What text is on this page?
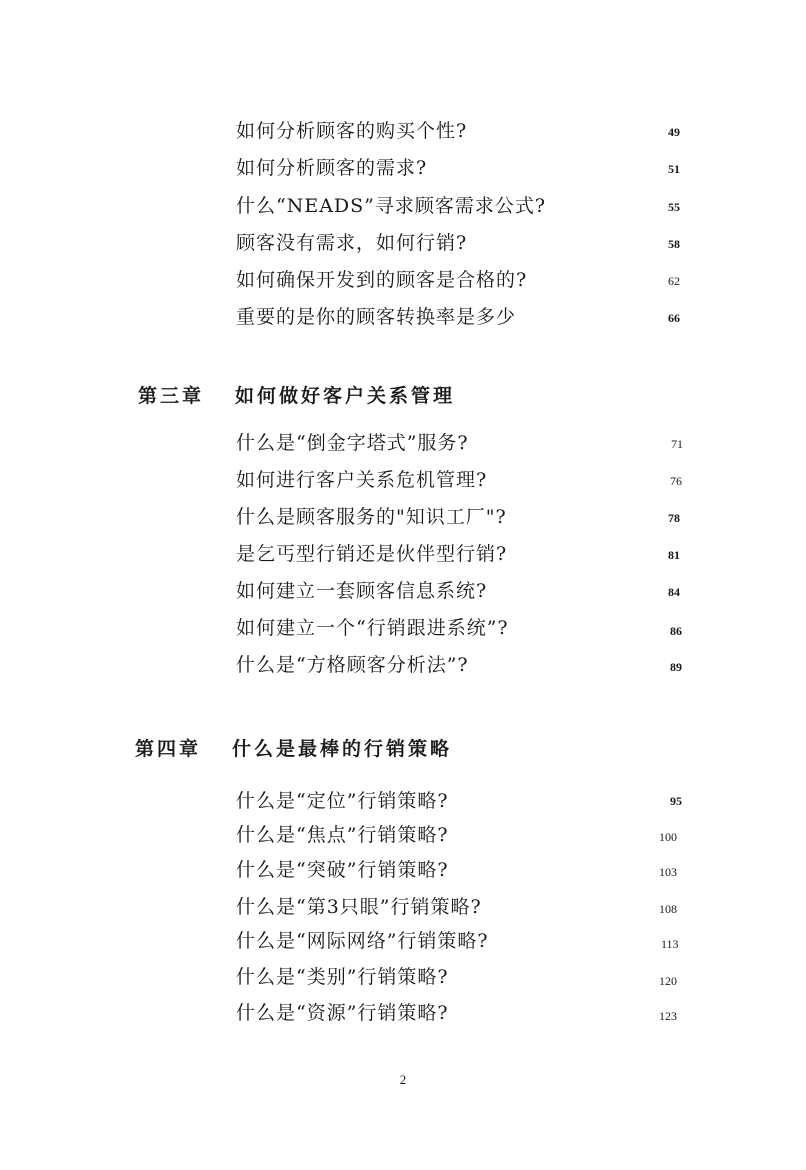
如何分析顾客的购买个性?	49
如何分析顾客的需求?	51
什么“NEADS”寻求顾客需求公式?	55
顾客没有需求，如何行销?	58
如何确保开发到的顾客是合格的?	62
重要的是你的顾客转换率是多少	66
第三章 如何做好客户关系管理
什么是“倒金字塔式”服务?	71
如何进行客户关系危机管理?	76
什么是顾客服务的"知识工厂"?	78
是乞丐型行销还是伙伴型行销?	81
如何建立一套顾客信息系统?	84
如何建立一个“行销跟进系统”?	86
什么是“方格顾客分析法”?	89
第四章 什么是最棒的行销策略
什么是“定位”行销策略?	95
什么是“焦点”行销策略?	100
什么是“突破”行销策略?	103
什么是“第3只眼”行销策略?	108
什么是“网际网络”行销策略?	113
什么是“类别”行销策略?	120
什么是“资源”行销策略?	123
2
